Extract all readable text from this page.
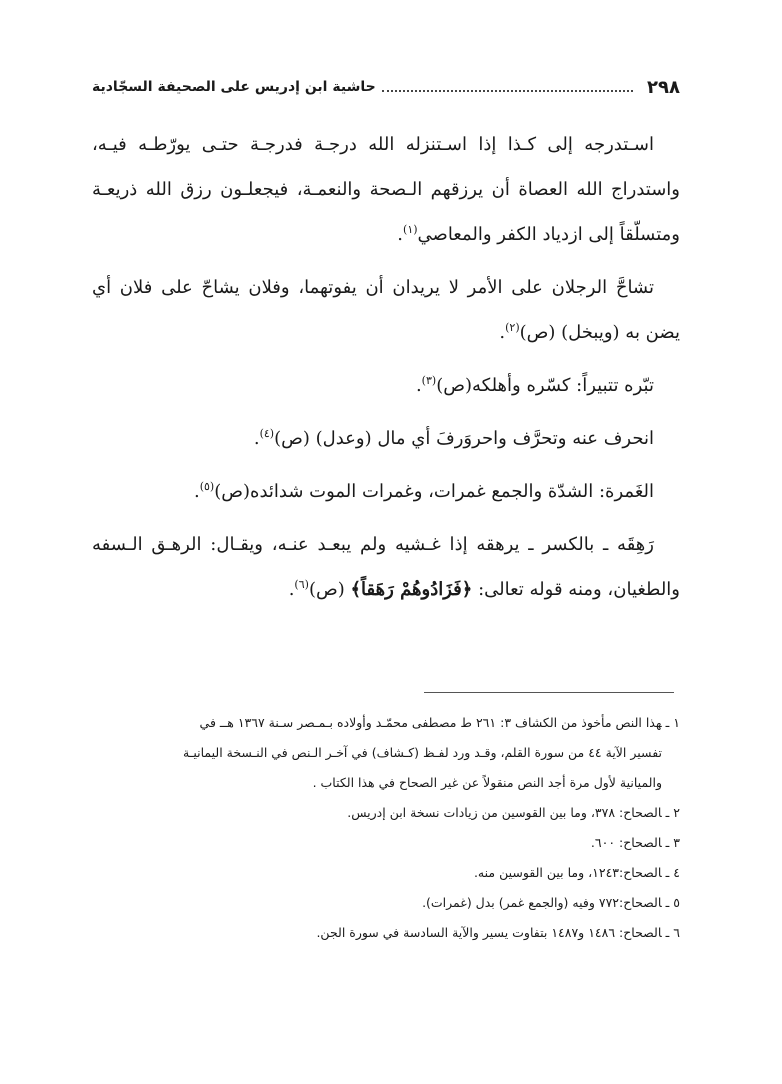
٢٩٨
حاشية ابن إدريس على الصحيفة السجّادية

اسـتدرجه إلى كـذا إذا اسـتنزله الله درجـة فدرجـة حتـى يورّطـه فيـه، واستدراج الله العصاة أن يرزقهم الـصحة والنعمـة، فيجعلـون رزق الله ذريعـة ومتسلّقاً إلى ازدياد الكفر والمعاصي$^{(١)}$.

تشاحَّ الرجلان على الأمر لا يريدان أن يفوتهما، وفلان يشاحّ على فلان أي يضن به (ويبخل) (ص)$^{(٢)}$.

تبّره تتبيراً: كسّره وأهلكه(ص)$^{(٣)}$.

انحرف عنه وتحرَّف واحروَرفَ أي مال (وعدل) (ص)$^{(٤)}$.

الغَمرة: الشدّة والجمع غمرات، وغمرات الموت شدائده(ص)$^{(٥)}$.

رَهِقَه ـ بالكسر ـ يرهقه إذا غـشيه ولم يبعـد عنـه، ويقـال: الرهـق الـسفه والطغيان، ومنه قوله تعالى: ﴿فَزَادُوهُمْ رَهَقاً﴾ (ص)$^{(٦)}$.

١ ـهذا النص مأخوذ من الكشاف ٣: ٢٦١ ط مصطفى محمّـد وأولاده بـمـصر سـنة ١٣٦٧ هــ في

تفسير الآية ٤٤ من سورة القلم، وقـد ورد لفـظ (كـشاف) في آخـر الـنص في النـسخة اليمانيـة

والميانية لأول مرة أجد النص منقولاً عن غير الصحاح في هذا الكتاب .

٢ ـالصحاح: ٣٧٨، وما بين القوسين من زيادات نسخة ابن إدريس.

٣ ـالصحاح: ٦٠٠.

٤ ـالصحاح:١٢٤٣، وما بين القوسين منه.

٥ ـالصحاح:٧٧٢ وفيه (والجمع غمر) بدل (غمرات).

٦ ـالصحاح: ١٤٨٦ و١٤٨٧ بتفاوت يسير والآية السادسة في سورة الجن.
